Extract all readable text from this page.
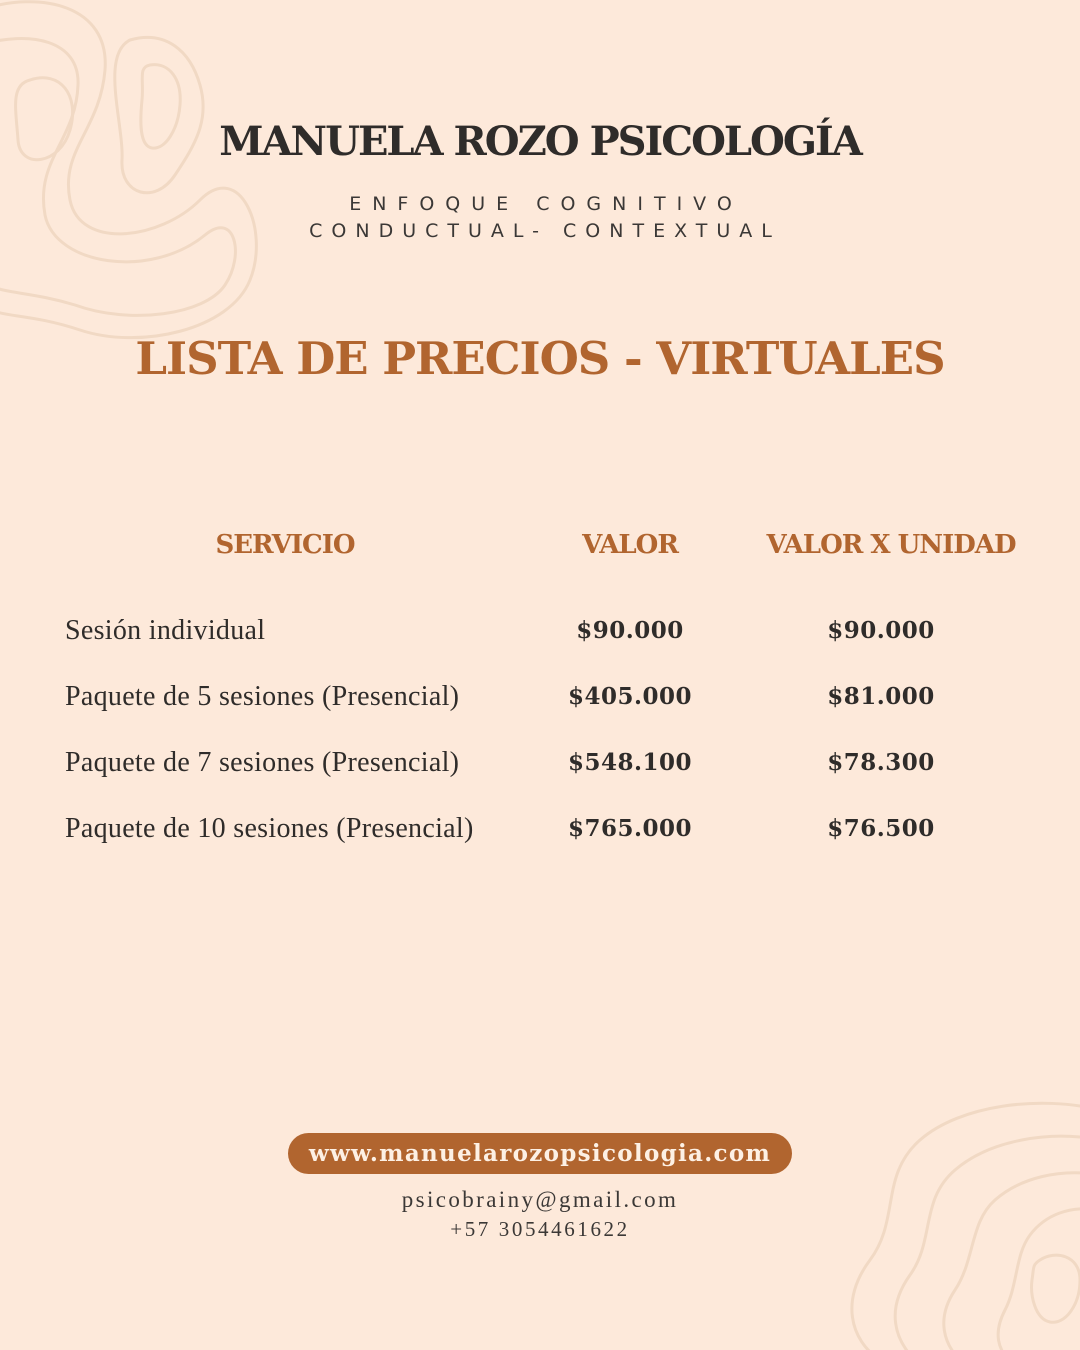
MANUELA ROZO PSICOLOGÍA
ENFOQUE COGNITIVO
CONDUCTUAL- CONTEXTUAL
LISTA DE PRECIOS - VIRTUALES
SERVICIO	VALOR	VALOR X UNIDAD
Sesión individual	$90.000	$90.000
Paquete de 5 sesiones (Presencial)	$405.000	$81.000
Paquete de 7 sesiones (Presencial)	$548.100	$78.300
Paquete de 10 sesiones (Presencial)	$765.000	$76.500
www.manuelarozopsicologia.com
psicobrainy@gmail.com
+57 3054461622
